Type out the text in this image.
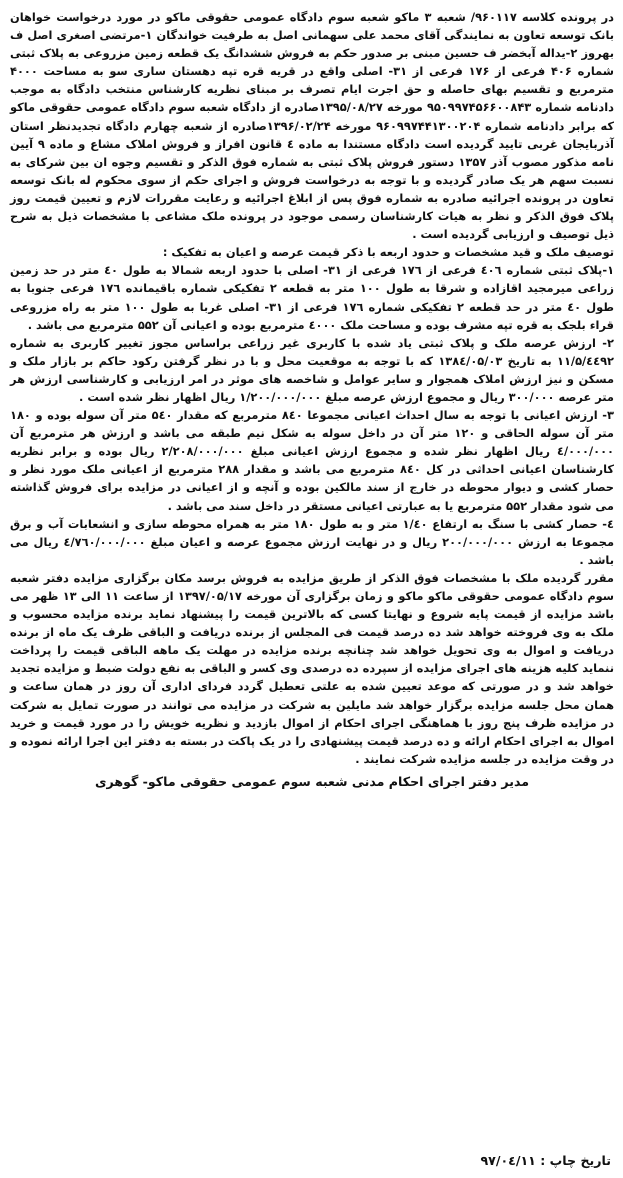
در پرونده کلاسه ۹۶۰۱۱۷/ شعبه ۳ ماکو شعبه سوم دادگاه عمومی حقوقی ماکو در مورد درخواست خواهان بانک توسعه تعاون به نمایندگی آقای محمد علی سهمانی اصل به طرفیت خواندگان ۱-مرتضی اصغری اصل ف بهروز ۲-یداله آبخضر ف حسین مبنی بر صدور حکم به فروش ششدانگ یک قطعه زمین مزروعی به پلاک ثبتی شماره ۴۰۶ فرعی از ۱۷۶ فرعی از ۳۱- اصلی واقع در قریه قره تپه دهستان ساری سو به مساحت ۴۰۰۰ مترمربع و تقسیم بهای حاصله و حق اجرت ایام تصرف بر مبنای نظریه کارشناس منتخب دادگاه به موجب دادنامه شماره ۹۵۰۹۹۷۴۵۶۶۰۰۸۴۳ مورخه ۱۳۹۵/۰۸/۲۷صادره از دادگاه شعبه سوم دادگاه عمومی حقوقی ماکو که برابر دادنامه شماره ۹۶۰۹۹۷۴۴۱۳۰۰۲۰۴ مورخه ۱۳۹۶/۰۲/۲۴صادره از شعبه چهارم دادگاه تجدیدنظر استان آذربایجان غربی تایید گردیده است دادگاه مستندا به ماده ٤ قانون افراز و فروش املاک مشاع و ماده ۹ آیین نامه مذکور مصوب آذر ۱۳۵۷ دستور فروش پلاک ثبتی به شماره فوق الذکر و تقسیم وجوه ان بین شرکای به نسبت سهم هر یک صادر گردیده و با توجه به درخواست فروش و اجرای حکم از سوی محکوم له بانک توسعه تعاون در پرونده اجرائیه صادره به شماره فوق پس از ابلاغ اجرائیه و رعایت مقررات لازم و تعیین قیمت روز پلاک فوق الذکر و نظر به هیات کارشناسان رسمی موجود در پرونده ملک مشاعی با مشخصات ذیل به شرح ذیل توصیف و ارزیابی گردیده است .

توصیف ملک و قید مشخصات و حدود اربعه با ذکر قیمت عرصه و اعیان به تفکیک :

۱-پلاک ثبتی شماره ٤۰٦ فرعی از ۱۷٦ فرعی از ۳۱- اصلی با حدود اربعه شمالا به طول ٤۰ متر در حد زمین زراعی میرمجید اقازاده و شرقا به طول ۱۰۰ متر به قطعه ۲ تفکیکی شماره باقیمانده ۱۷٦ فرعی جنوبا به طول ٤۰ متر در حد قطعه ۲ تفکیکی شماره ۱۷٦ فرعی از ۳۱- اصلی غربا به طول ۱۰۰ متر به راه مزروعی قراء بلجک به قره تپه مشرف بوده و مساحت ملک ٤۰۰۰ مترمربع بوده و اعیانی آن ۵۵۲ مترمربع می باشد .

۲- ارزش عرصه ملک و پلاک ثبتی یاد شده با کاربری غیر زراعی براساس مجوز تغییر کاربری به شماره ۱۱/۵/٤٤۹۲ به تاریخ ۱۳۸٤/۰۵/۰۳ که با توجه به موقعیت محل و با در نظر گرفتن رکود حاکم بر بازار ملک و مسکن و نیز ارزش املاک همجوار و سایر عوامل و شاخصه های موثر در امر ارزیابی و کارشناسی ارزش هر متر عرصه ۳۰۰/۰۰۰ ریال و مجموع ارزش عرصه مبلغ ۱/۲۰۰/۰۰۰/۰۰۰ ریال اظهار نظر شده است .

۳- ارزش اعیانی با توجه به سال احداث اعیانی مجموعا ۸٤۰ مترمربع که مقدار ۵٤۰ متر آن سوله بوده و ۱۸۰ متر آن سوله الحاقی و ۱۲۰ متر آن در داخل سوله به شکل نیم طبقه می باشد و ارزش هر مترمربع آن ٤/۰۰۰/۰۰۰ ریال اظهار نظر شده و مجموع ارزش اعیانی مبلغ ۲/۲۰۸/۰۰۰/۰۰۰ ریال بوده و برابر نظریه کارشناسان اعیانی احداثی در کل ۸٤۰ مترمربع می باشد و مقدار ۲۸۸ مترمربع از اعیانی ملک مورد نظر و حصار کشی و دیوار محوطه در خارج از سند مالکین بوده و آنچه و از اعیانی در مزایده برای فروش گذاشته می شود مقدار ۵۵۲ مترمربع یا به عبارتی اعیانی مستقر در داخل سند می باشد .

٤- حصار کشی با سنگ به ارتفاع ۱/٤۰ متر و به طول ۱۸۰ متر به همراه محوطه سازی و انشعابات آب و برق مجموعا به ارزش ۲۰۰/۰۰۰/۰۰۰ ریال و در نهایت ارزش مجموع عرصه و اعیان مبلغ ٤/۷٦۰/۰۰۰/۰۰۰ ریال می باشد .

مقرر گردیده ملک با مشخصات فوق الذکر از طریق مزایده به فروش برسد مکان برگزاری مزایده دفتر شعبه سوم دادگاه عمومی حقوقی ماکو ماکو و زمان برگزاری آن مورخه ۱۳۹۷/۰۵/۱۷ از ساعت ۱۱ الی ۱۳ ظهر می باشد مزایده از قیمت پایه شروع و نهایتا کسی که بالاترین قیمت را پیشنهاد نماید برنده مزایده محسوب و ملک به وی فروخته خواهد شد ده درصد قیمت فی المجلس از برنده دریافت و الباقی ظرف یک ماه از برنده دریافت و اموال به وی تحویل خواهد شد چنانچه برنده مزایده در مهلت یک ماهه الباقی قیمت را پرداخت ننماید کلیه هزینه های اجرای مزایده از سپرده ده درصدی وی کسر و الباقی به نفع دولت ضبط و مزایده تجدید خواهد شد و در صورتی که موعد تعیین شده به علتی تعطیل گردد فردای اداری آن روز در همان ساعت و همان محل جلسه مزایده برگزار خواهد شد مایلین به شرکت در مزایده می توانند در صورت تمایل به شرکت در مزایده ظرف پنج روز با هماهنگی اجرای احکام از اموال بازدید و نظریه خویش را در مورد قیمت و خرید اموال به اجرای احکام ارائه و ده درصد قیمت پیشنهادی را در یک پاکت در بسته به دفتر این اجرا ارائه نموده و در وقت مزایده در جلسه مزایده شرکت نمایند .

مدیر دفتر اجرای احکام مدنی شعبه سوم عمومی حقوقی ماکو- گوهری
تاریخ چاپ : ۹۷/۰٤/۱۱
